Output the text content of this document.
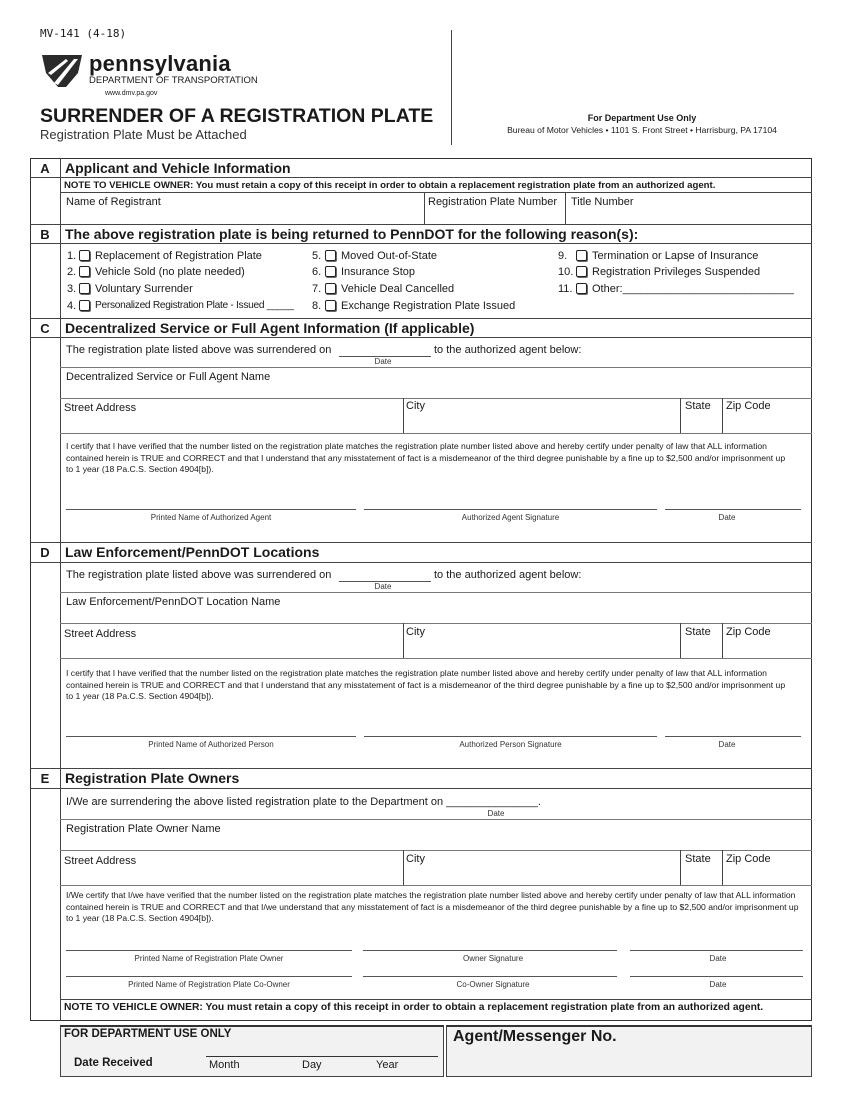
MV-141 (4-18)
pennsylvania
DEPARTMENT OF TRANSPORTATION
www.dmv.pa.gov
SURRENDER OF A REGISTRATION PLATE
Registration Plate Must be Attached
For Department Use Only
Bureau of Motor Vehicles • 1101 S. Front Street • Harrisburg, PA 17104
A	Applicant and Vehicle Information
NOTE TO VEHICLE OWNER: You must retain a copy of this receipt in order to obtain a replacement registration plate from an authorized agent.
Name of Registrant	Registration Plate Number Title Number
B	The above registration plate is being returned to PennDOT for the following reason(s):
1. Replacement of Registration Plate
2. Vehicle Sold (no plate needed)
3. Voluntary Surrender
4. Personalized Registration Plate - Issued _____
5. Moved Out-of-State
6. Insurance Stop
7. Vehicle Deal Cancelled
8. Exchange Registration Plate Issued
9. Termination or Lapse of Insurance
10. Registration Privileges Suspended
11. Other:____________________________
C	Decentralized Service or Full Agent Information (If applicable)
The registration plate listed above was surrendered on	to the authorized agent below:
Date
Decentralized Service or Full Agent Name
Street Address	City	State Zip Code
I certify that I have verified that the number listed on the registration plate matches the registration plate number listed above and hereby certify under penalty of law that ALL information contained herein is TRUE and CORRECT and that I understand that any misstatement of fact is a misdemeanor of the third degree punishable by a fine up to $2,500 and/or imprisonment up to 1 year (18 Pa.C.S. Section 4904[b]).
Printed Name of Authorized Agent	Authorized Agent Signature	Date
D	Law Enforcement/PennDOT Locations
The registration plate listed above was surrendered on	to the authorized agent below:
Date
Law Enforcement/PennDOT Location Name
Street Address	City	State Zip Code
I certify that I have verified that the number listed on the registration plate matches the registration plate number listed above and hereby certify under penalty of law that ALL information contained herein is TRUE and CORRECT and that I understand that any misstatement of fact is a misdemeanor of the third degree punishable by a fine up to $2,500 and/or imprisonment up to 1 year (18 Pa.C.S. Section 4904[b]).
Printed Name of Authorized Person	Authorized Person Signature	Date
E	Registration Plate Owners
I/We are surrendering the above listed registration plate to the Department on _______________.
Date
Registration Plate Owner Name
Street Address	City	State Zip Code
I/We certify that I/we have verified that the number listed on the registration plate matches the registration plate number listed above and hereby certify under penalty of law that ALL information contained herein is TRUE and CORRECT and that I/we understand that any misstatement of fact is a misdemeanor of the third degree punishable by a fine up to $2,500 and/or imprisonment up to 1 year (18 Pa.C.S. Section 4904[b]).
Printed Name of Registration Plate Owner	Owner Signature	Date
Printed Name of Registration Plate Co-Owner	Co-Owner Signature	Date
NOTE TO VEHICLE OWNER: You must retain a copy of this receipt in order to obtain a replacement registration plate from an authorized agent.
FOR DEPARTMENT USE ONLY
Date Received	Month	Day	Year
Agent/Messenger No.
